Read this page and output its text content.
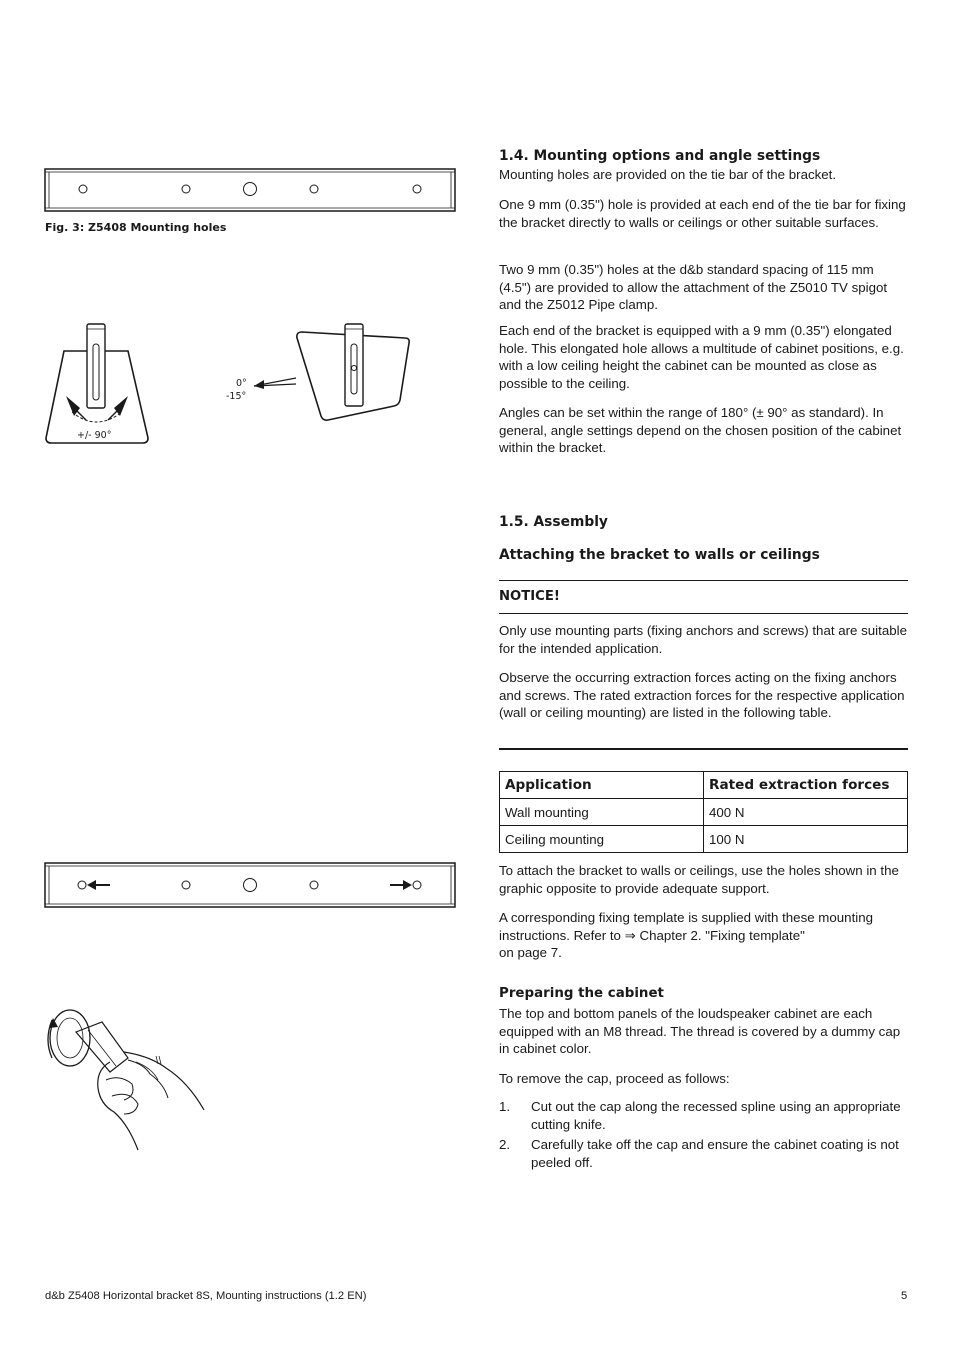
Fig. 3: Z5408 Mounting holes
+/- 90°
0°
-15°
1.4. Mounting options and angle settings
Mounting holes are provided on the tie bar of the bracket.
One 9 mm (0.35") hole is provided at each end of the tie bar for fixing the bracket directly to walls or ceilings or other suitable surfaces.
Two 9 mm (0.35") holes at the d&b standard spacing of 115 mm (4.5") are provided to allow the attachment of the Z5010 TV spigot and the Z5012 Pipe clamp.
Each end of the bracket is equipped with a 9 mm (0.35") elongated hole. This elongated hole allows a multitude of cabinet positions, e.g. with a low ceiling height the cabinet can be mounted as close as possible to the ceiling.
Angles can be set within the range of 180° (± 90° as standard). In general, angle settings depend on the chosen position of the cabinet within the bracket.
1.5. Assembly
Attaching the bracket to walls or ceilings
NOTICE!
Only use mounting parts (fixing anchors and screws) that are suitable for the intended application.
Observe the occurring extraction forces acting on the fixing anchors and screws. The rated extraction forces for the respective application (wall or ceiling mounting) are listed in the following table.
Application	Rated extraction forces
Wall mounting	400 N
Ceiling mounting	100 N
To attach the bracket to walls or ceilings, use the holes shown in the graphic opposite to provide adequate support.
A corresponding fixing template is supplied with these mounting instructions. Refer to ⇒ Chapter 2. "Fixing template"
on page 7.
Preparing the cabinet
The top and bottom panels of the loudspeaker cabinet are each equipped with an M8 thread. The thread is covered by a dummy cap in cabinet color.
To remove the cap, proceed as follows:
1. Cut out the cap along the recessed spline using an appropriate cutting knife.
2. Carefully take off the cap and ensure the cabinet coating is not peeled off.
d&b Z5408 Horizontal bracket 8S, Mounting instructions (1.2 EN)	5
